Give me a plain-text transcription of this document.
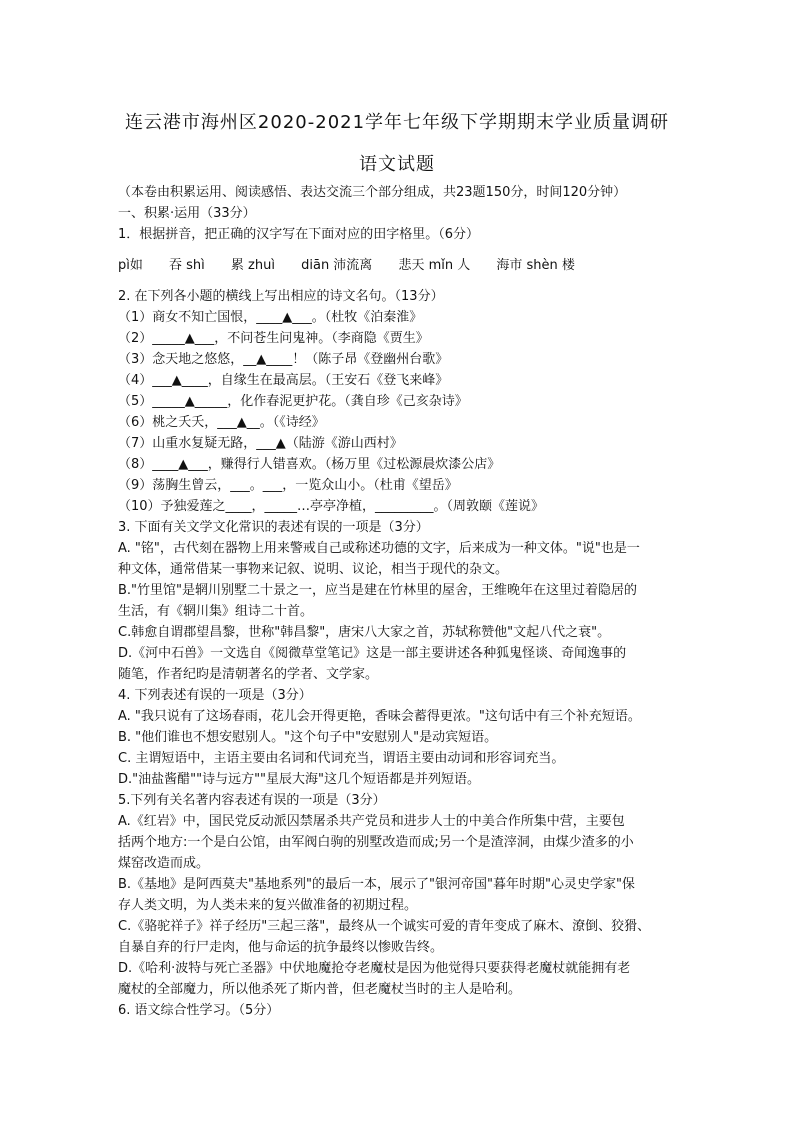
连云港市海州区2020-2021学年七年级下学期期末学业质量调研
语文试题
（本卷由积累运用、阅读感悟、表达交流三个部分组成，共23题150分，时间120分钟）
一、积累·运用（33分）
1．根据拼音，把正确的汉字写在下面对应的田字格里。（6分）
pì如 吞 shì 累 zhuì diān 沛流离 悲天 mǐn 人 海市 shèn 楼
2. 在下列各小题的横线上写出相应的诗文名句。（13分）
（1）商女不知亡国恨，____▲___。（杜牧《泊秦淮》
（2）_____▲___，不问苍生问鬼神。（李商隐《贾生》
（3）念天地之悠悠，__▲____！（陈子昂《登幽州台歌》
（4）___▲____，自缘生在最高层。（王安石《登飞来峰》
（5）_____▲_____，化作春泥更护花。（龚自珍《己亥杂诗》
（6）桃之夭夭，___▲__。（《诗经》
（7）山重水复疑无路，___▲（陆游《游山西村》
（8）____▲___，赚得行人错喜欢。（杨万里《过松源晨炊漆公店》
（9）荡胸生曾云，___。___，一览众山小。（杜甫《望岳》
（10）予独爱莲之____，_____…亭亭净植，_________。（周敦颐《莲说》
3. 下面有关文学文化常识的表述有误的一项是（3分）
A. "铭"，古代刻在器物上用来警戒自己或称述功德的文字，后来成为一种文体。"说"也是一
种文体，通常借某一事物来记叙、说明、议论，相当于现代的杂文。
B."竹里馆"是辋川别墅二十景之一，应当是建在竹林里的屋舍，王维晚年在这里过着隐居的
生活，有《辋川集》组诗二十首。
C.韩愈自谓郡望昌黎，世称"韩昌黎"，唐宋八大家之首，苏轼称赞他"文起八代之衰"。
D.《河中石兽》一文选自《阅微草堂笔记》这是一部主要讲述各种狐鬼怪谈、奇闻逸事的
随笔，作者纪昀是清朝著名的学者、文学家。
4. 下列表述有误的一项是（3分）
A. "我只说有了这场春雨，花儿会开得更艳，香味会蓄得更浓。"这句话中有三个补充短语。
B. "他们谁也不想安慰别人。"这个句子中"安慰别人"是动宾短语。
C. 主谓短语中，主语主要由名词和代词充当，谓语主要由动词和形容词充当。
D."油盐酱醋""诗与远方""星辰大海"这几个短语都是并列短语。
5.下列有关名著内容表述有误的一项是（3分）
A.《红岩》中，国民党反动派囚禁屠杀共产党员和进步人士的中美合作所集中营，主要包
括两个地方:一个是白公馆，由军阀白驹的别墅改造而成;另一个是渣滓洞，由煤少渣多的小
煤窑改造而成。
B.《基地》是阿西莫夫"基地系列"的最后一本，展示了"银河帝国"暮年时期"心灵史学家"保
存人类文明，为人类未来的复兴做准备的初期过程。
C.《骆驼祥子》祥子经历"三起三落"，最终从一个诚实可爱的青年变成了麻木、潦倒、狡猾、
自暴自弃的行尸走肉，他与命运的抗争最终以惨败告终。
D.《哈利·波特与死亡圣器》中伏地魔抢夺老魔杖是因为他觉得只要获得老魔杖就能拥有老
魔杖的全部魔力，所以他杀死了斯内普，但老魔杖当时的主人是哈利。
6. 语文综合性学习。（5分）
